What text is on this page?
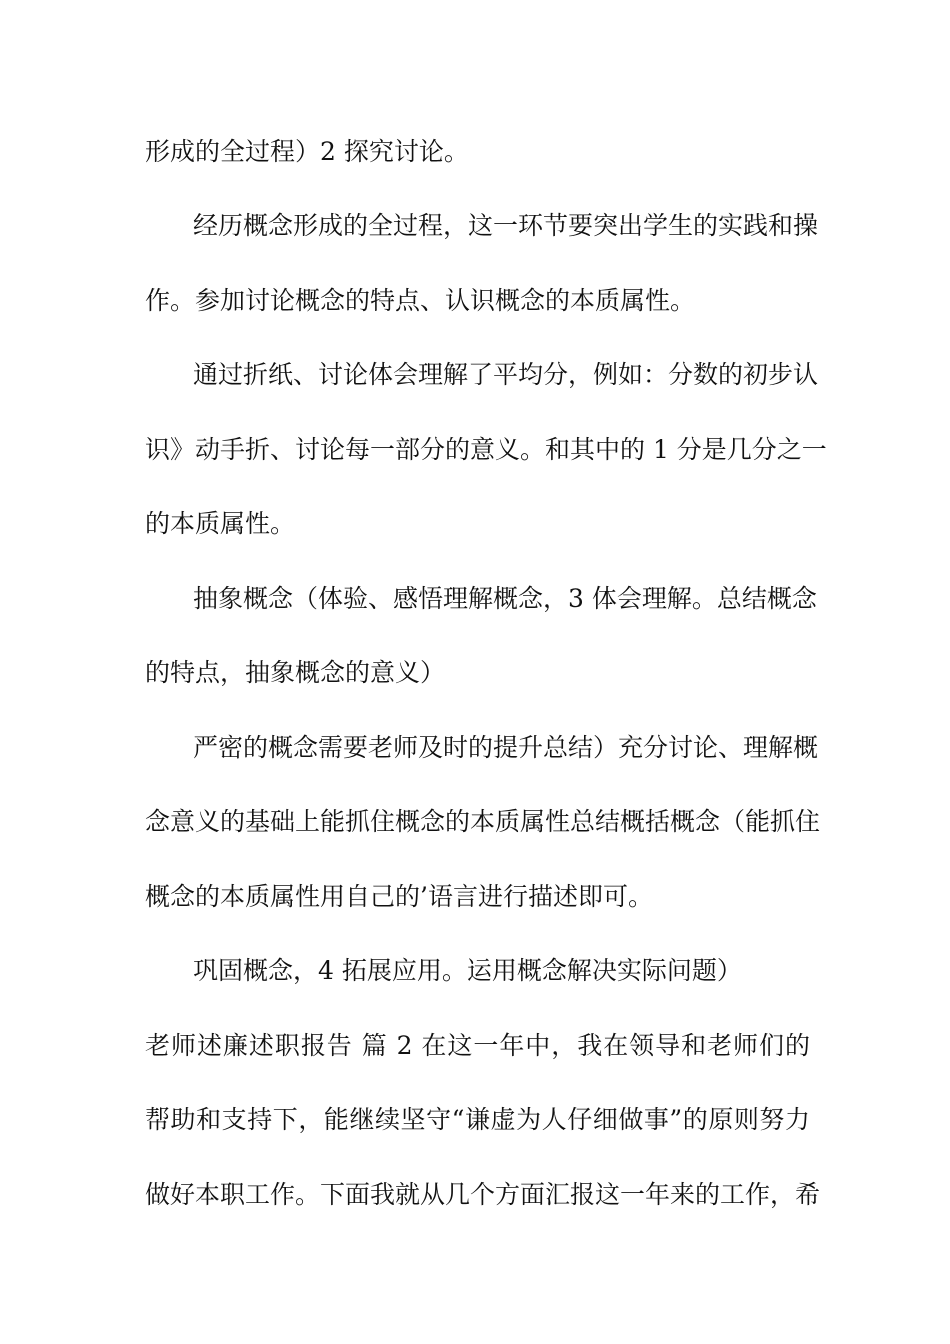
形成的全过程）2 探究讨论。
经历概念形成的全过程，这一环节要突出学生的实践和操
作。参加讨论概念的特点、认识概念的本质属性。
通过折纸、讨论体会理解了平均分，例如：分数的初步认
识》动手折、讨论每一部分的意义。和其中的 1 分是几分之一
的本质属性。
抽象概念（体验、感悟理解概念，3 体会理解。总结概念
的特点，抽象概念的意义）
严密的概念需要老师及时的提升总结）充分讨论、理解概
念意义的基础上能抓住概念的本质属性总结概括概念（能抓住
概念的本质属性用自己的’语言进行描述即可。
巩固概念，4 拓展应用。运用概念解决实际问题）
老师述廉述职报告 篇 2 在这一年中，我在领导和老师们的
帮助和支持下，能继续坚守“谦虚为人仔细做事”的原则努力
做好本职工作。下面我就从几个方面汇报这一年来的工作，希
